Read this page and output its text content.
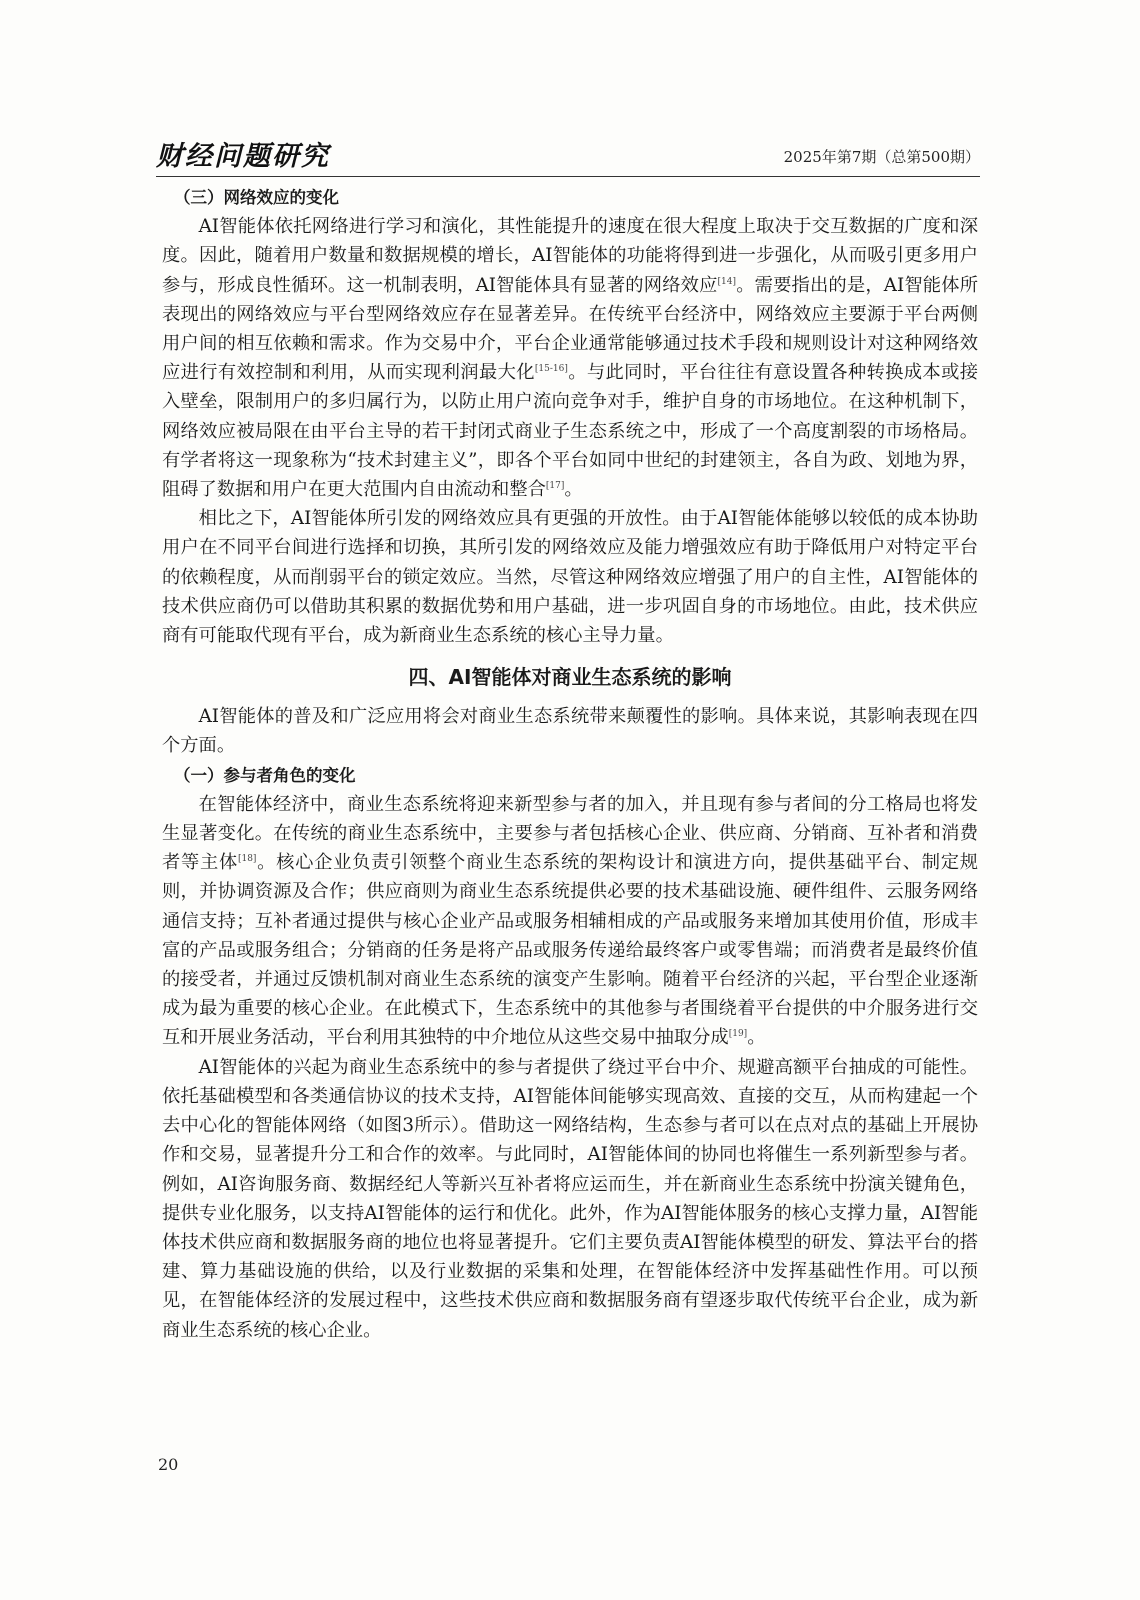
财经问题研究	2025年第7期（总第500期）

（三）网络效应的变化

AI智能体依托网络进行学习和演化，其性能提升的速度在很大程度上取决于交互数据的广度和深度。因此，随着用户数量和数据规模的增长，AI智能体的功能将得到进一步强化，从而吸引更多用户参与，形成良性循环。这一机制表明，AI智能体具有显著的网络效应[14]。需要指出的是，AI智能体所表现出的网络效应与平台型网络效应存在显著差异。在传统平台经济中，网络效应主要源于平台两侧用户间的相互依赖和需求。作为交易中介，平台企业通常能够通过技术手段和规则设计对这种网络效应进行有效控制和利用，从而实现利润最大化[15-16]。与此同时，平台往往有意设置各种转换成本或接入壁垒，限制用户的多归属行为，以防止用户流向竞争对手，维护自身的市场地位。在这种机制下，网络效应被局限在由平台主导的若干封闭式商业子生态系统之中，形成了一个高度割裂的市场格局。有学者将这一现象称为“技术封建主义”，即各个平台如同中世纪的封建领主，各自为政、划地为界，阻碍了数据和用户在更大范围内自由流动和整合[17]。

相比之下，AI智能体所引发的网络效应具有更强的开放性。由于AI智能体能够以较低的成本协助用户在不同平台间进行选择和切换，其所引发的网络效应及能力增强效应有助于降低用户对特定平台的依赖程度，从而削弱平台的锁定效应。当然，尽管这种网络效应增强了用户的自主性，AI智能体的技术供应商仍可以借助其积累的数据优势和用户基础，进一步巩固自身的市场地位。由此，技术供应商有可能取代现有平台，成为新商业生态系统的核心主导力量。

四、AI智能体对商业生态系统的影响

AI智能体的普及和广泛应用将会对商业生态系统带来颠覆性的影响。具体来说，其影响表现在四个方面。

（一）参与者角色的变化

在智能体经济中，商业生态系统将迎来新型参与者的加入，并且现有参与者间的分工格局也将发生显著变化。在传统的商业生态系统中，主要参与者包括核心企业、供应商、分销商、互补者和消费者等主体[18]。核心企业负责引领整个商业生态系统的架构设计和演进方向，提供基础平台、制定规则，并协调资源及合作；供应商则为商业生态系统提供必要的技术基础设施、硬件组件、云服务网络通信支持；互补者通过提供与核心企业产品或服务相辅相成的产品或服务来增加其使用价值，形成丰富的产品或服务组合；分销商的任务是将产品或服务传递给最终客户或零售端；而消费者是最终价值的接受者，并通过反馈机制对商业生态系统的演变产生影响。随着平台经济的兴起，平台型企业逐渐成为最为重要的核心企业。在此模式下，生态系统中的其他参与者围绕着平台提供的中介服务进行交互和开展业务活动，平台利用其独特的中介地位从这些交易中抽取分成[19]。

AI智能体的兴起为商业生态系统中的参与者提供了绕过平台中介、规避高额平台抽成的可能性。依托基础模型和各类通信协议的技术支持，AI智能体间能够实现高效、直接的交互，从而构建起一个去中心化的智能体网络（如图3所示）。借助这一网络结构，生态参与者可以在点对点的基础上开展协作和交易，显著提升分工和合作的效率。与此同时，AI智能体间的协同也将催生一系列新型参与者。例如，AI咨询服务商、数据经纪人等新兴互补者将应运而生，并在新商业生态系统中扮演关键角色，提供专业化服务，以支持AI智能体的运行和优化。此外，作为AI智能体服务的核心支撑力量，AI智能体技术供应商和数据服务商的地位也将显著提升。它们主要负责AI智能体模型的研发、算法平台的搭建、算力基础设施的供给，以及行业数据的采集和处理，在智能体经济中发挥基础性作用。可以预见，在智能体经济的发展过程中，这些技术供应商和数据服务商有望逐步取代传统平台企业，成为新商业生态系统的核心企业。

20
